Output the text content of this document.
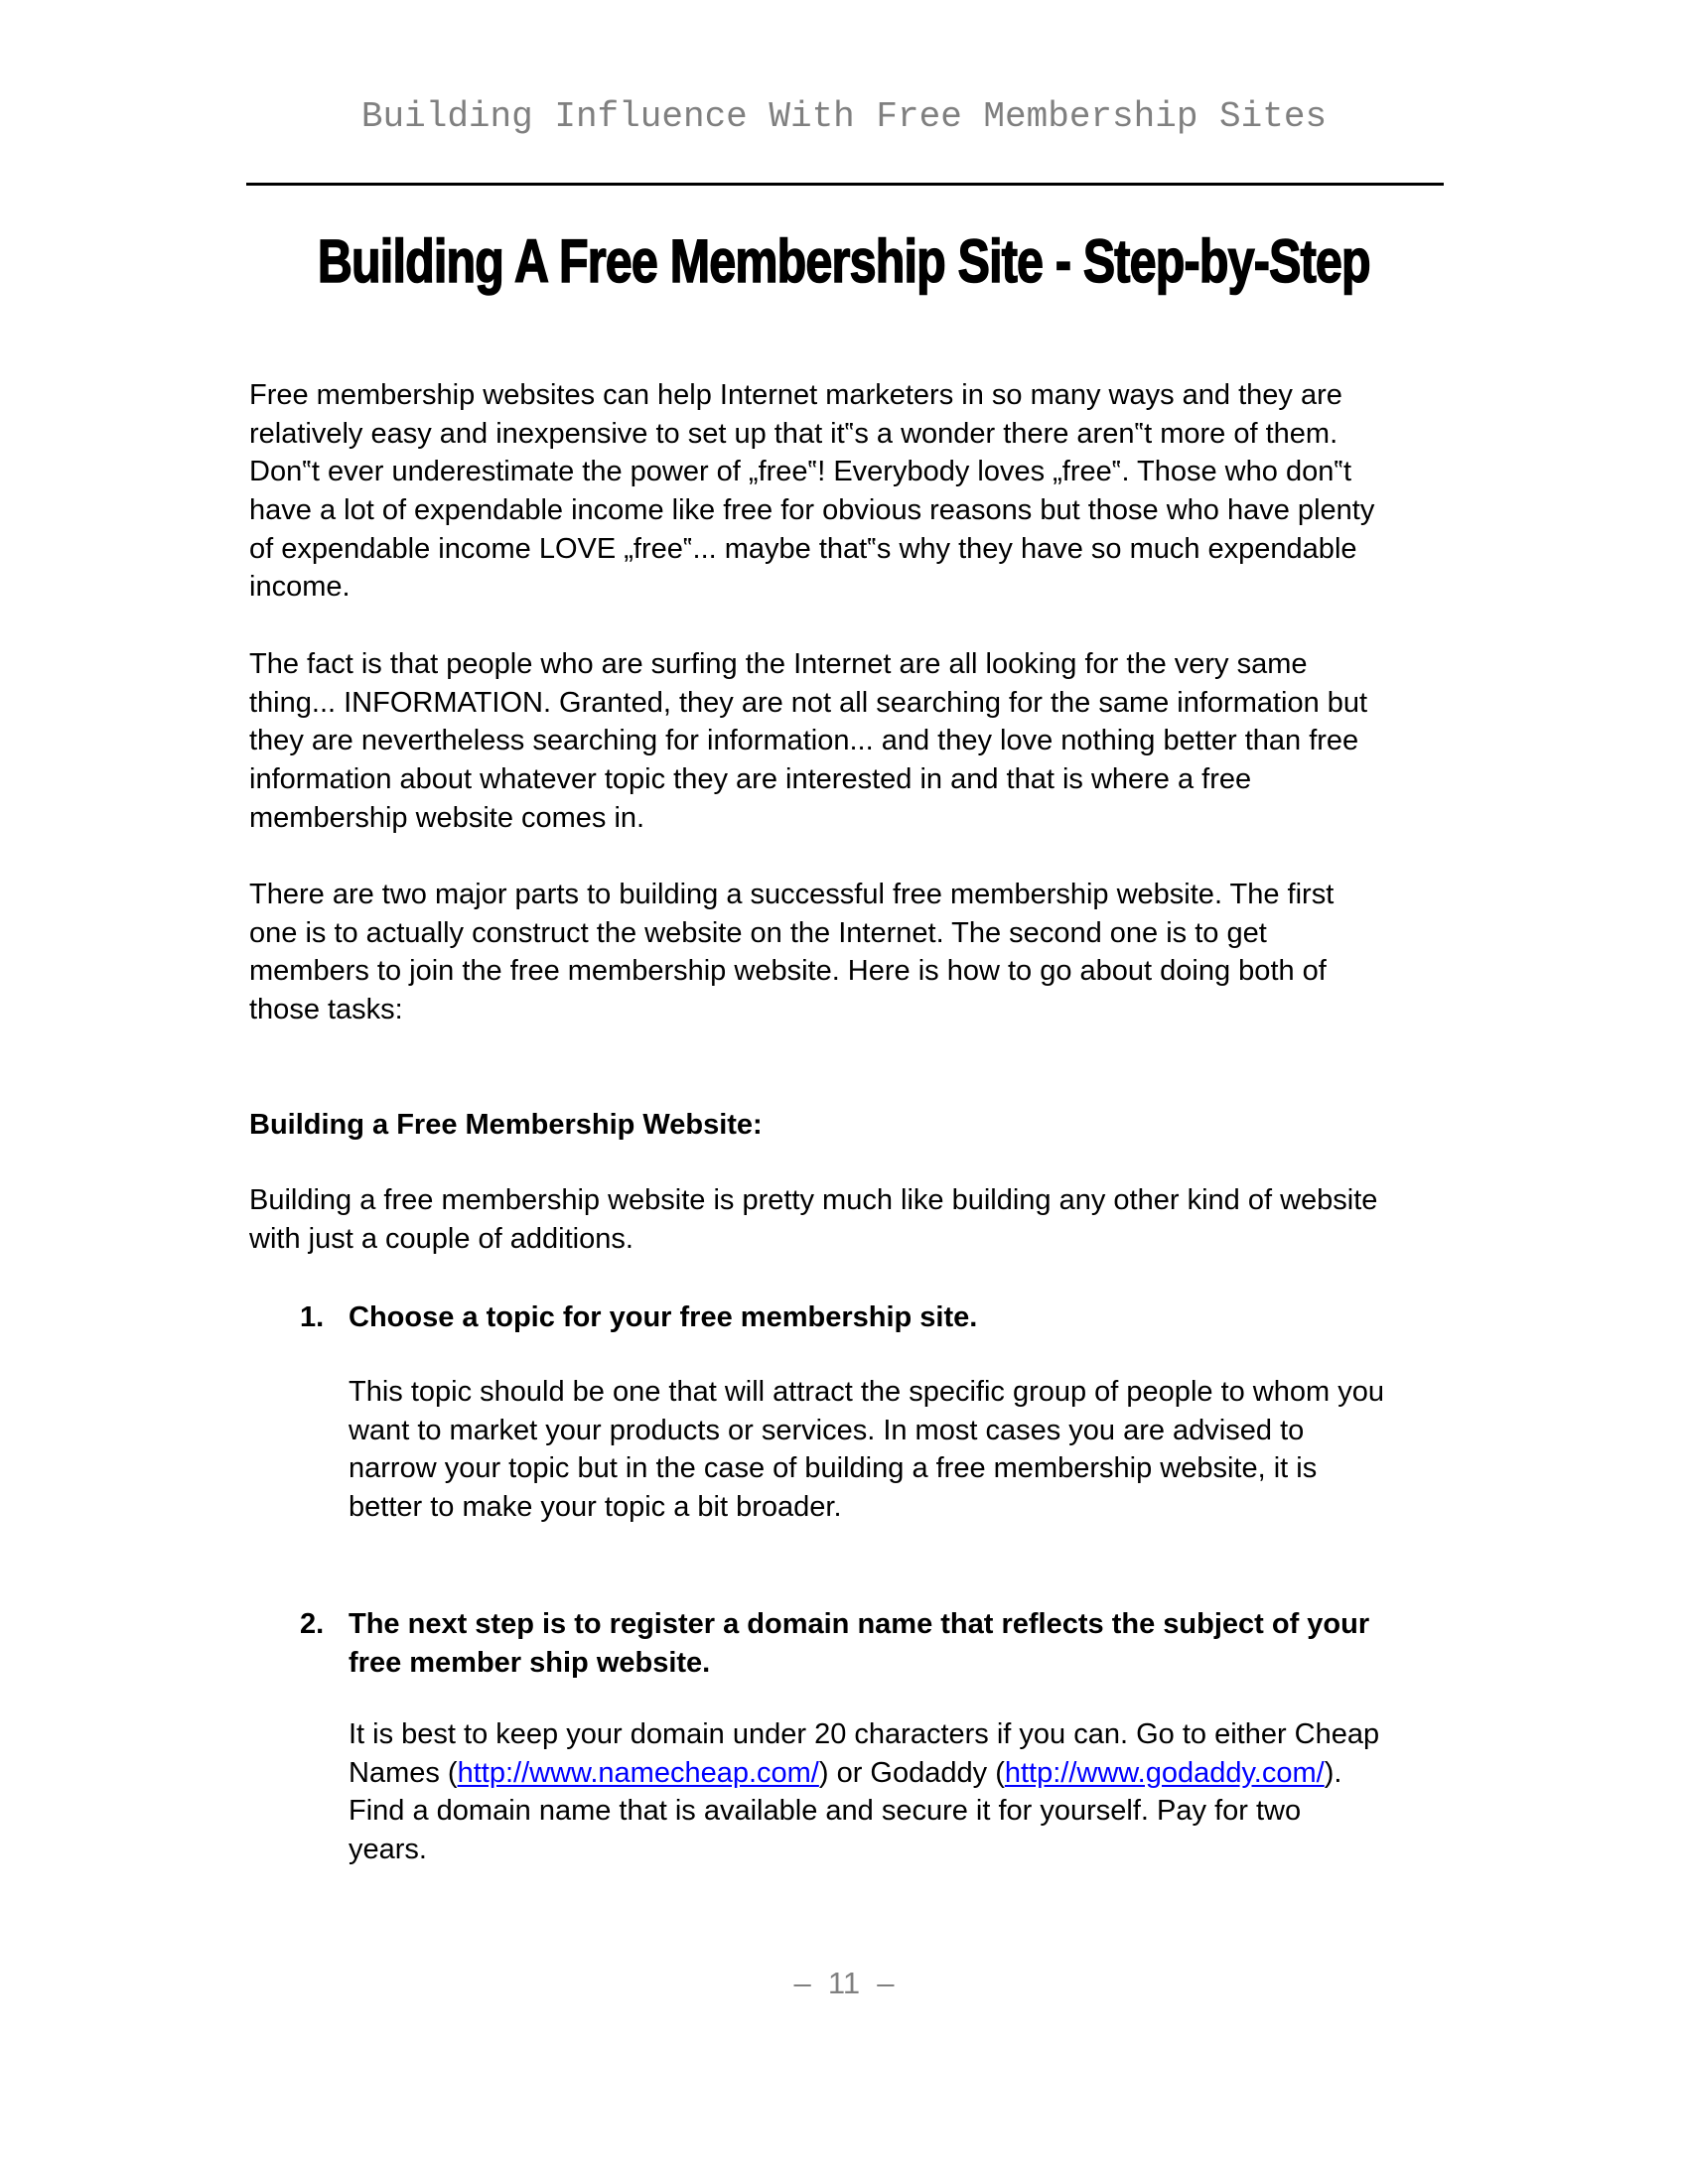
Building Influence With Free Membership Sites
Building A Free Membership Site - Step-by-Step
Free membership websites can help Internet marketers in so many ways and they are
relatively easy and inexpensive to set up that it‟s a wonder there aren‟t more of them.
Don‟t ever underestimate the power of „free‟! Everybody loves „free‟. Those who don‟t
have a lot of expendable income like free for obvious reasons but those who have plenty
of expendable income LOVE „free‟... maybe that‟s why they have so much expendable
income.
The fact is that people who are surfing the Internet are all looking for the very same
thing... INFORMATION. Granted, they are not all searching for the same information but
they are nevertheless searching for information... and they love nothing better than free
information about whatever topic they are interested in and that is where a free
membership website comes in.
There are two major parts to building a successful free membership website. The first
one is to actually construct the website on the Internet. The second one is to get
members to join the free membership website. Here is how to go about doing both of
those tasks:
Building a Free Membership Website:
Building a free membership website is pretty much like building any other kind of website
with just a couple of additions.
1. Choose a topic for your free membership site.
This topic should be one that will attract the specific group of people to whom you
want to market your products or services. In most cases you are advised to
narrow your topic but in the case of building a free membership website, it is
better to make your topic a bit broader.
2. The next step is to register a domain name that reflects the subject of your
free member ship website.
It is best to keep your domain under 20 characters if you can. Go to either Cheap
Names (http://www.namecheap.com/) or Godaddy (http://www.godaddy.com/).
Find a domain name that is available and secure it for yourself. Pay for two
years.
–  11  –
